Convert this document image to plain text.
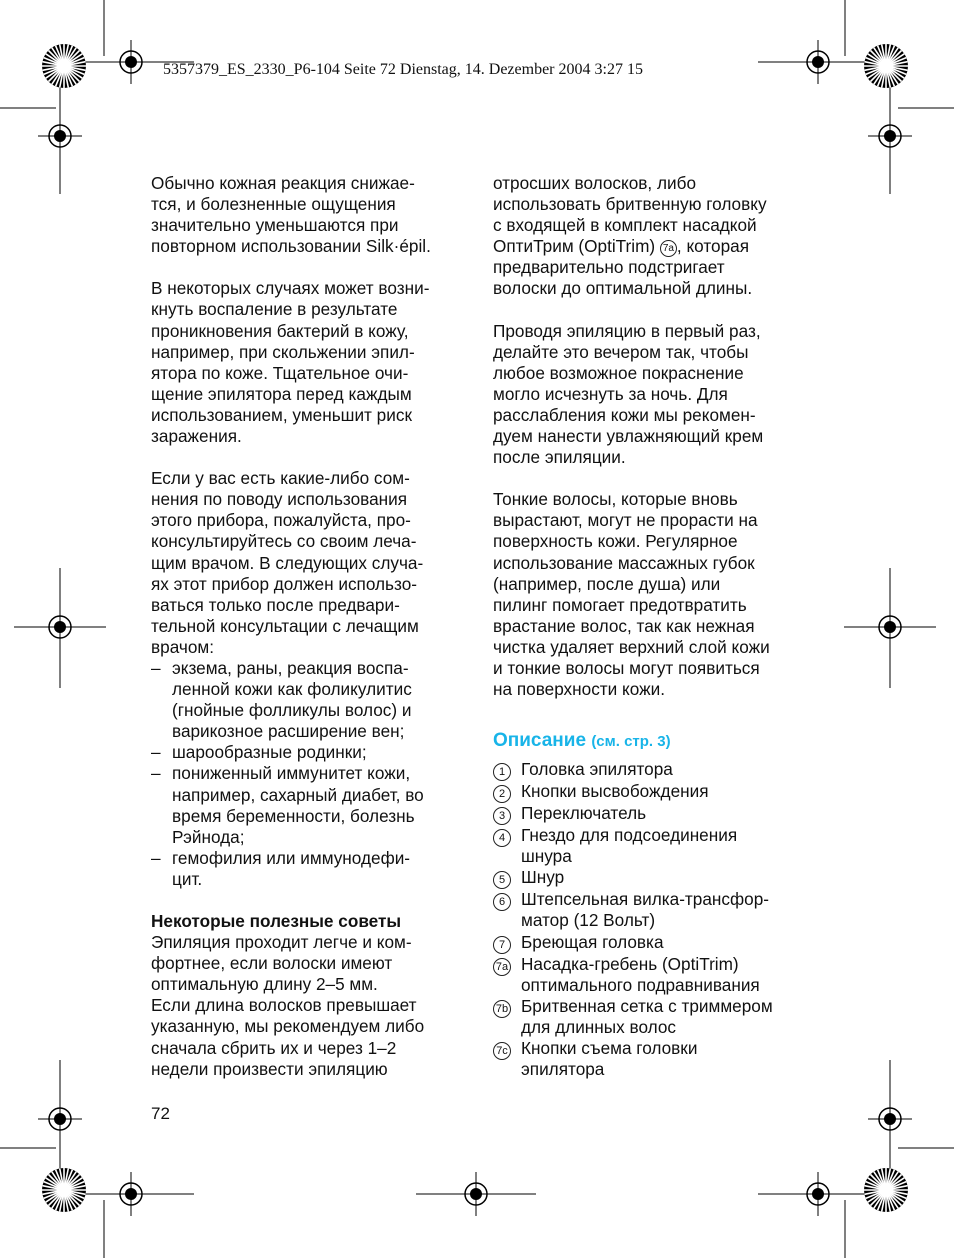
5357379_ES_2330_P6-104 Seite 72 Dienstag, 14. Dezember 2004 3:27 15

Обычно кожная реакция снижае-
тся, и болезненные ощущения
значительно уменьшаются при
повторном использовании Silk·épil.

В некоторых случаях может возни-
кнуть воспаление в результате
проникновения бактерий в кожу,
например, при скольжении эпил-
ятора по коже. Тщательное очи-
щение эпилятора перед каждым
использованием, уменьшит риск
заражения.

Если у вас есть какие-либо сом-
нения по поводу использования
этого прибора, пожалуйста, про-
консультируйтесь со своим леча-
щим врачом. В следующих случа-
ях этот прибор должен использо-
ваться только после предвари-
тельной консультации с лечащим
врачом:

– экзема, раны, реакция воспа-
ленной кожи как фоликулитис
(гнойные фолликулы волос) и
варикозное расширение вен;
– шарообразные родинки;
– пониженный иммунитет кожи,
например, сахарный диабет, во
время беременности, болезнь
Рэйнода;
– гемофилия или иммунодефи-
цит.

Некоторые полезные советы

Эпиляция проходит легче и ком-
фортнее, если волоски имеют
оптимальную длину 2–5 мм.
Если длина волосков превышает
указанную, мы рекомендуем либо
сначала сбрить их и через 1–2
недели произвести эпиляцию

отросших волосков, либо
использовать бритвенную головку
с входящей в комплект насадкой
ОптиТрим (OptiTrim) 7a , которая
предварительно подстригает
волоски до оптимальной длины.

Проводя эпиляцию в первый раз,
делайте это вечером так, чтобы
любое возможное покраснение
могло исчезнуть за ночь. Для
расслабления кожи мы рекомен-
дуем нанести увлажняющий крем
после эпиляции.

Тонкие волосы, которые вновь
вырастают, могут не прорасти на
поверхность кожи. Регулярное
использование массажных губок
(например, после душа) или
пилинг помогает предотвратить
врастание волос, так как нежная
чистка удаляет верхний слой кожи
и тонкие волосы могут появиться
на поверхности кожи.

Описание (см. стр. 3)
1 Головка эпилятора
2 Кнопки высвобождения
3 Переключатель
4 Гнездо для подсоединения
шнура
5 Шнур
6 Штепсельная вилка-трансфор-
матор (12 Вольт)
7 Бреющая головка
7a Насадка-гребень (OptiTrim)
оптимального подравнивания
7b Бритвенная сетка с триммером
для длинных волос
7c Кнопки съема головки
эпилятора
72
